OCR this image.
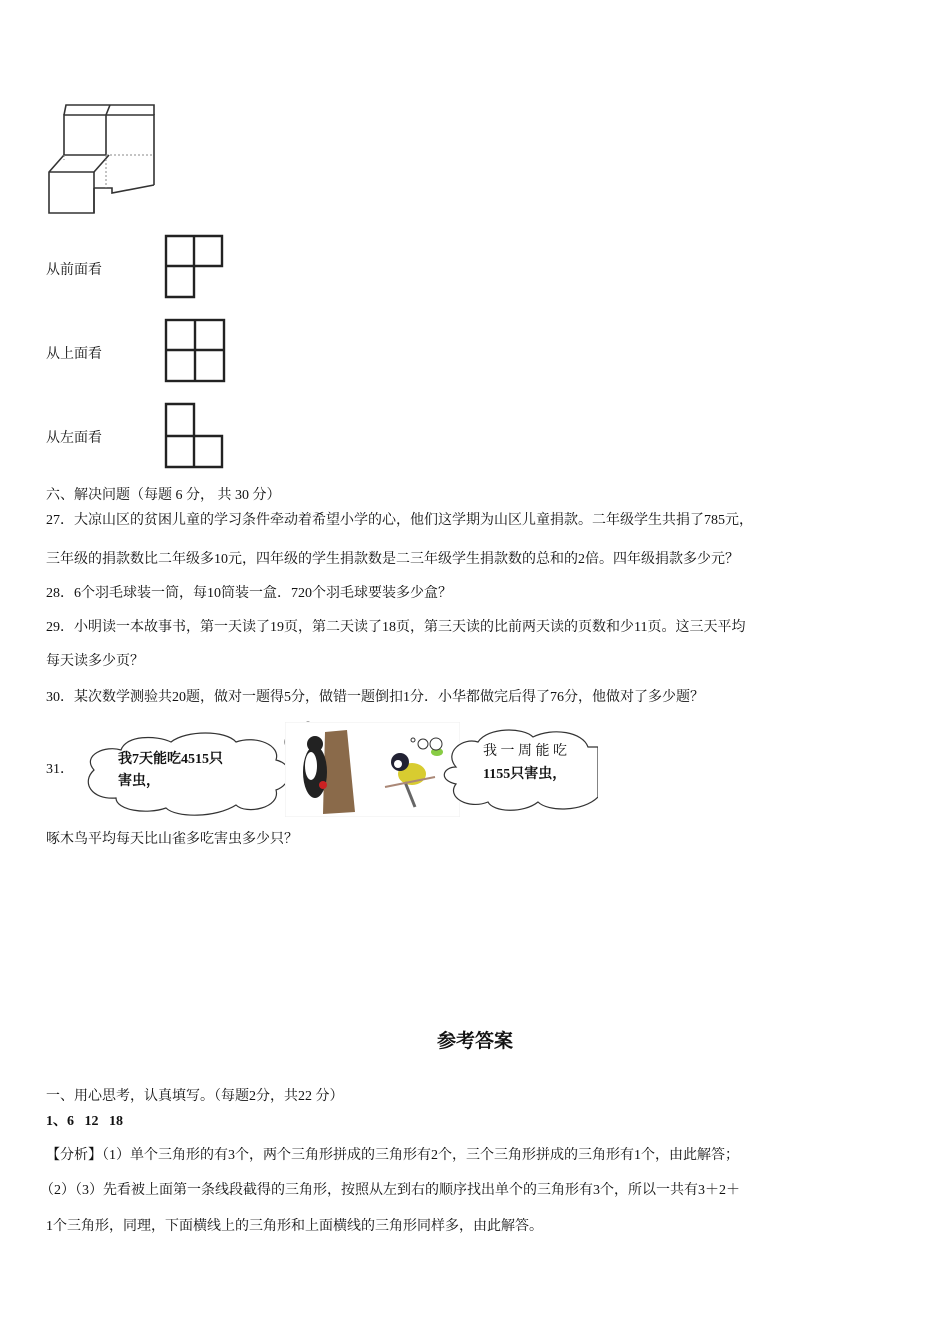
从前面看
从上面看
从左面看
六、解决问题（每题 6 分， 共 30 分）
27．大凉山区的贫困儿童的学习条件牵动着希望小学的心，他们这学期为山区儿童捐款。二年级学生共捐了785元，
三年级的捐款数比二年级多10元，四年级的学生捐款数是二三年级学生捐款数的总和的2倍。四年级捐款多少元？
28．6个羽毛球装一筒，每10筒装一盒．720个羽毛球要装多少盒？
29．小明读一本故事书，第一天读了19页，第二天读了18页，第三天读的比前两天读的页数和少11页。这三天平均
每天读多少页？
30．某次数学测验共20题，做对一题得5分，做错一题倒扣1分．小华都做完后得了76分，他做对了多少题？
31．
我7天能吃4515只
害虫，
我 一 周 能 吃
1155只害虫，
啄木鸟平均每天比山雀多吃害虫多少只？
参考答案
一、用心思考，认真填写。（每题2分，共22 分）
1、6   12   18
【分析】（1）单个三角形的有3个，两个三角形拼成的三角形有2个，三个三角形拼成的三角形有1个，由此解答；
（2）（3）先看被上面第一条线段截得的三角形，按照从左到右的顺序找出单个的三角形有3个，所以一共有3＋2＋
1个三角形，同理，下面横线上的三角形和上面横线的三角形同样多，由此解答。
